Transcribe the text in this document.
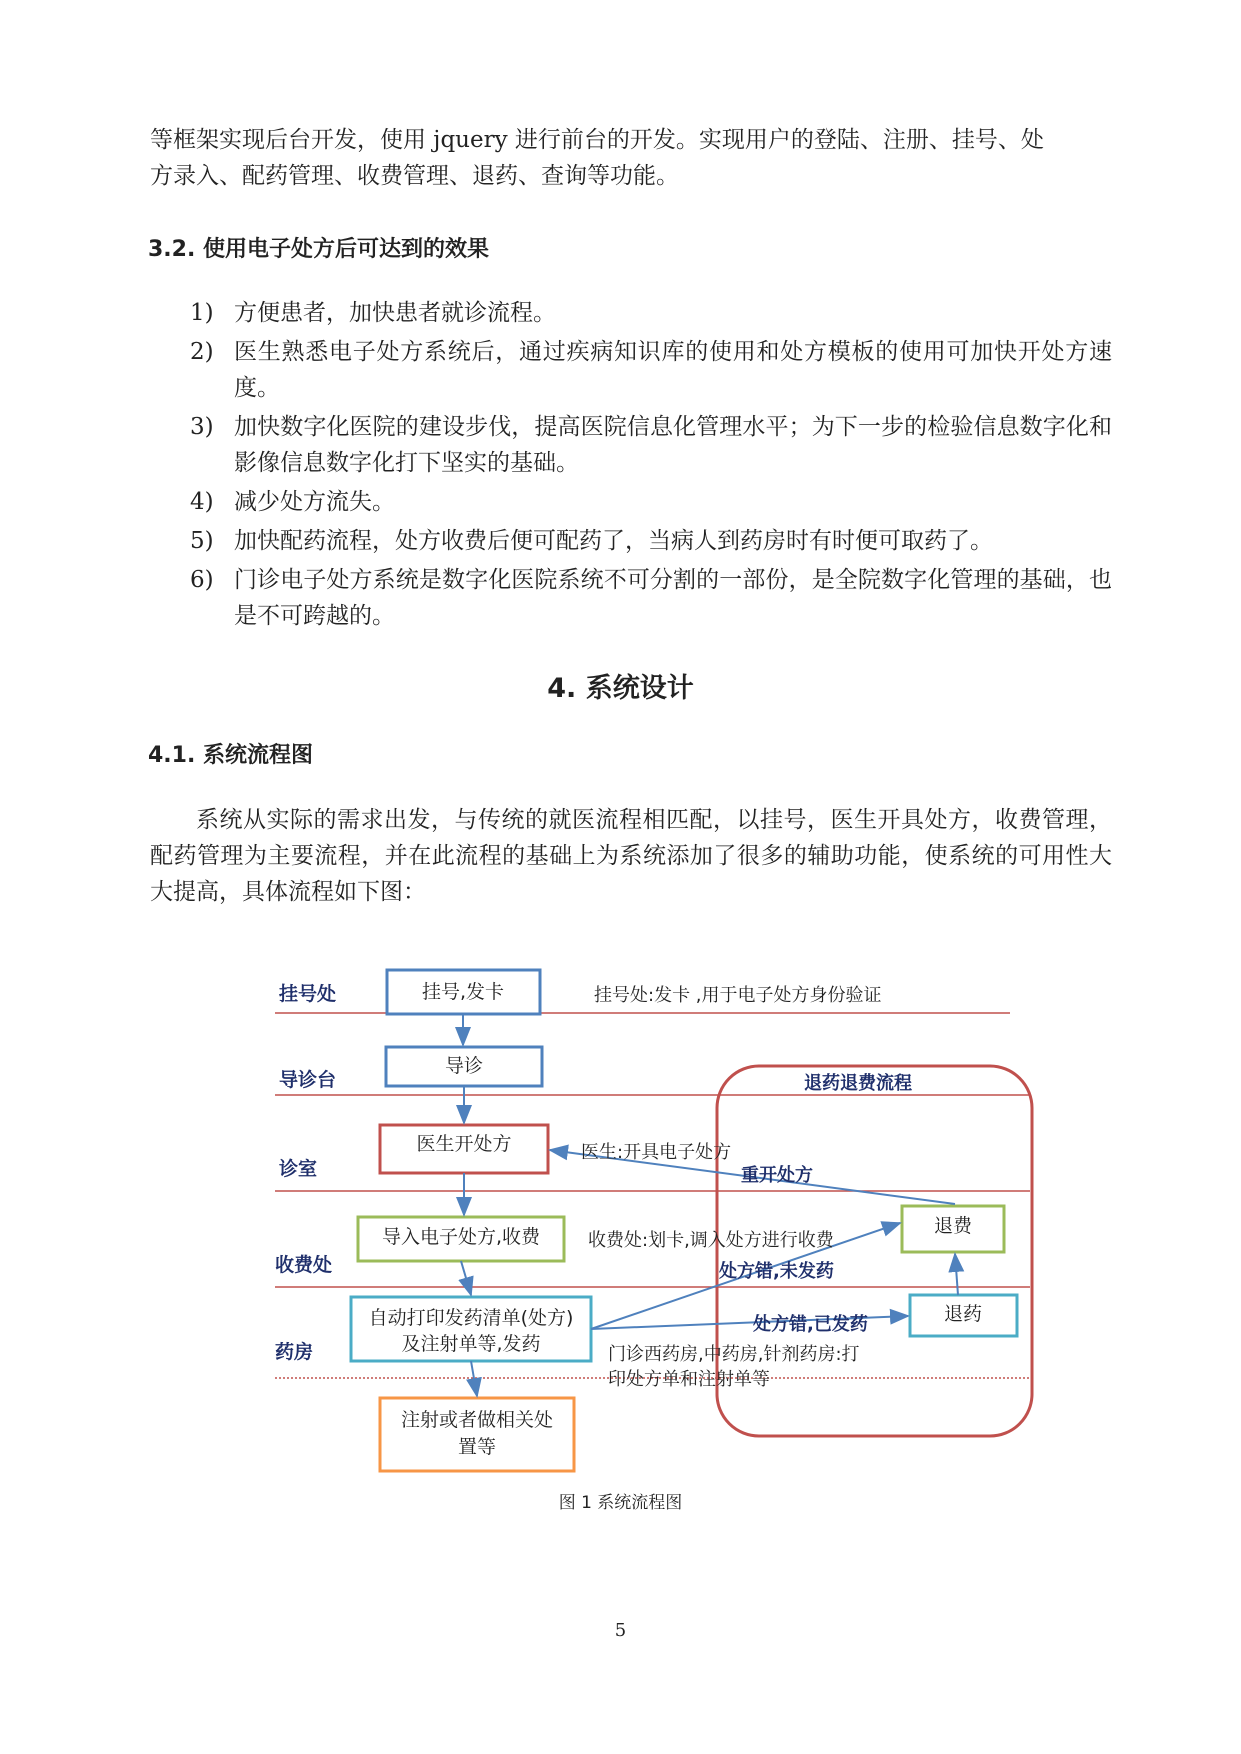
等框架实现后台开发，使用 jquery 进行前台的开发。实现用户的登陆、注册、挂号、处

方录入、配药管理、收费管理、退药、查询等功能。

3.2. 使用电子处方后可达到的效果
1) 方便患者，加快患者就诊流程。
2) 医生熟悉电子处方系统后，通过疾病知识库的使用和处方模板的使用可加快开处方速度。
3) 加快数字化医院的建设步伐，提高医院信息化管理水平；为下一步的检验信息数字化和影像信息数字化打下坚实的基础。
4) 减少处方流失。
5) 加快配药流程，处方收费后便可配药了，当病人到药房时有时便可取药了。
6) 门诊电子处方系统是数字化医院系统不可分割的一部份，是全院数字化管理的基础，也是不可跨越的。
4. 系统设计
4.1. 系统流程图

系统从实际的需求出发，与传统的就医流程相匹配，以挂号，医生开具处方，收费管理，配药管理为主要流程，并在此流程的基础上为系统添加了很多的辅助功能，使系统的可用性大大提高，具体流程如下图：

挂号处
导诊台
诊室
收费处
药房
退药退费流程
挂号,发卡
导诊
医生开处方
导入电子处方,收费
自动打印发药清单(处方)
及注射单等,发药
注射或者做相关处
置等
退费
退药
挂号处:发卡 ,用于电子处方身份验证
医生:开具电子处方
重开处方
收费处:划卡,调入处方进行收费
处方错,未发药
处方错,已发药
门诊西药房,中药房,针剂药房:打
印处方单和注射单等

图 1 系统流程图

5
